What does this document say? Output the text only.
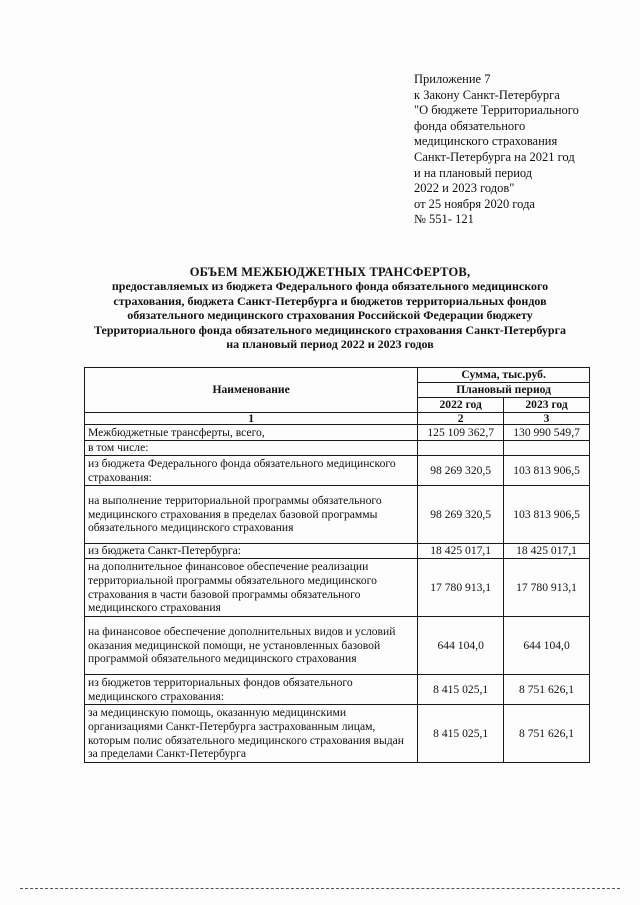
Приложение 7
к Закону Санкт-Петербурга
"О бюджете Территориального
фонда обязательного
медицинского страхования
Санкт-Петербурга на 2021 год
и на плановый период
2022 и 2023 годов"
от 25 ноября 2020 года
№ 551- 121
ОБЪЕМ МЕЖБЮДЖЕТНЫХ ТРАНСФЕРТОВ,
предоставляемых из бюджета Федерального фонда обязательного медицинского
страхования, бюджета Санкт-Петербурга и бюджетов территориальных фондов
обязательного медицинского страхования Российской Федерации бюджету
Территориального фонда обязательного медицинского страхования Санкт-Петербурга
на плановый период 2022 и 2023 годов
Наименование	Сумма, тыс.руб.	
	Плановый период	
	2022 год	2023 год
1	2	3
Межбюджетные трансферты, всего,	125 109 362,7	130 990 549,7
в том числе:		
из бюджета Федерального фонда обязательного медицинского страхования:	98 269 320,5	103 813 906,5
на выполнение территориальной программы обязательного медицинского страхования в пределах базовой программы обязательного медицинского страхования	98 269 320,5	103 813 906,5
из бюджета Санкт-Петербурга:	18 425 017,1	18 425 017,1
на дополнительное финансовое обеспечение реализации территориальной программы обязательного медицинского страхования в части базовой программы обязательного медицинского страхования	17 780 913,1	17 780 913,1
на финансовое обеспечение дополнительных видов и условий оказания медицинской помощи, не установленных базовой программой обязательного медицинского страхования	644 104,0	644 104,0
из бюджетов территориальных фондов обязательного медицинского страхования:	8 415 025,1	8 751 626,1
за медицинскую помощь, оказанную медицинскими организациями Санкт-Петербурга застрахованным лицам, которым полис обязательного медицинского страхования выдан за пределами Санкт-Петербурга	8 415 025,1	8 751 626,1
